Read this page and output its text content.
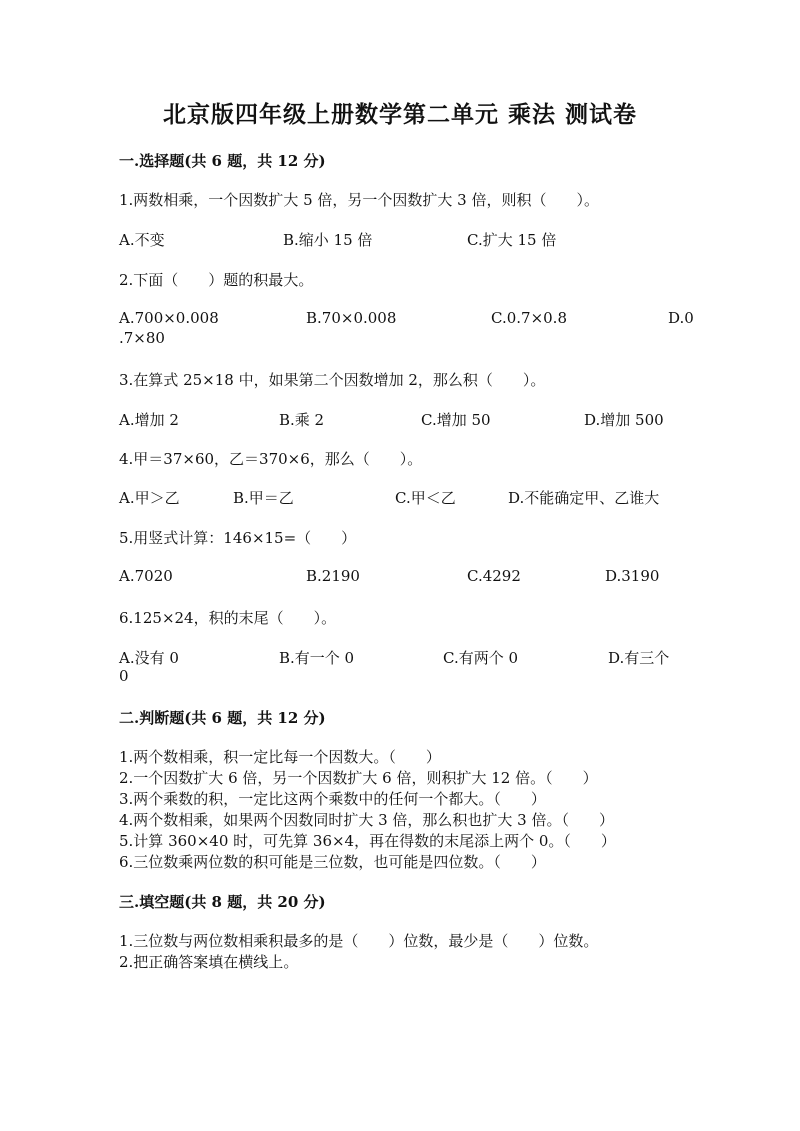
北京版四年级上册数学第二单元 乘法 测试卷
一.选择题(共 6 题，共 12 分)
1.两数相乘，一个因数扩大 5 倍，另一个因数扩大 3 倍，则积（　　）。
A.不变	B.缩小 15 倍	C.扩大 15 倍
2.下面（　　）题的积最大。
A.700×0.008	B.70×0.008	C.0.7×0.8	D.0
.7×80
3.在算式 25×18 中，如果第二个因数增加 2，那么积（　　）。
A.增加 2	B.乘 2	C.增加 50	D.增加 500
4.甲＝37×60，乙＝370×6，那么（　　）。
A.甲＞乙	B.甲＝乙	C.甲＜乙	D.不能确定甲、乙谁大
5.用竖式计算：146×15=（　　）
A.7020	B.2190	C.4292	D.3190
6.125×24，积的末尾（　　）。
A.没有 0	B.有一个 0	C.有两个 0	D.有三个
0
二.判断题(共 6 题，共 12 分)
1.两个数相乘，积一定比每一个因数大。（　　）
2.一个因数扩大 6 倍，另一个因数扩大 6 倍，则积扩大 12 倍。（　　）
3.两个乘数的积，一定比这两个乘数中的任何一个都大。（　　）
4.两个数相乘，如果两个因数同时扩大 3 倍，那么积也扩大 3 倍。（　　）
5.计算 360×40 时，可先算 36×4，再在得数的末尾添上两个 0。（　　）
6.三位数乘两位数的积可能是三位数，也可能是四位数。（　　）
三.填空题(共 8 题，共 20 分)
1.三位数与两位数相乘积最多的是（　　）位数，最少是（　　）位数。
2.把正确答案填在横线上。
